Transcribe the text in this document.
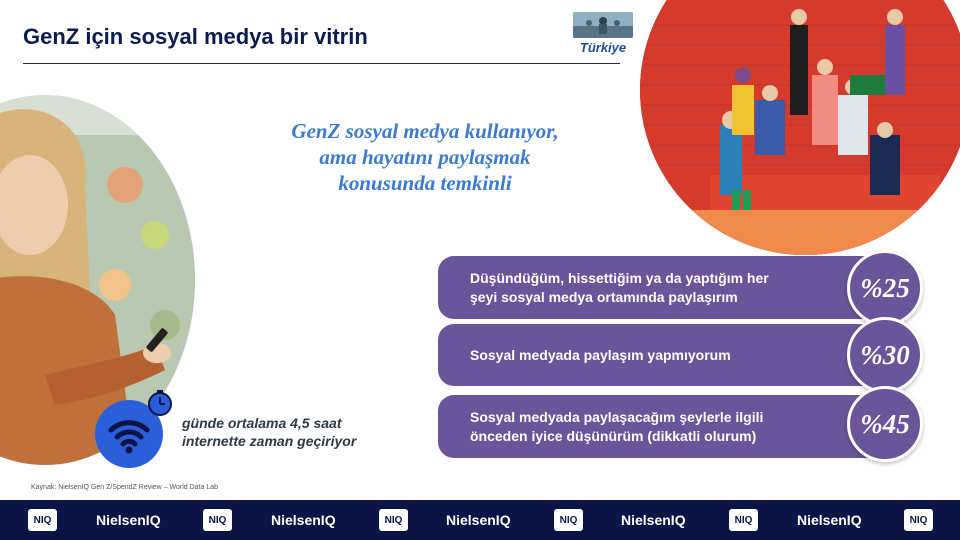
GenZ için sosyal medya bir vitrin	Türkiye
GenZ sosyal medya kullanıyor,
ama hayatını paylaşmak
konusunda temkinli
Düşündüğüm, hissettiğim ya da yaptığım her
şeyi sosyal medya ortamında paylaşırım	%25
Sosyal medyada paylaşım yapmıyorum	%30
Sosyal medyada paylaşacağım şeylerle ilgili
önceden iyice düşünürüm (dikkatli olurum)	%45
günde ortalama 4,5 saat
internette zaman geçiriyor
Kaynak: NielsenIQ Gen Z/SpendZ Review – World Data Lab
NIQ	NielsenIQ	NIQ	NielsenIQ	NIQ	NielsenIQ	NIQ	NielsenIQ	NIQ	NielsenIQ	NIQ
